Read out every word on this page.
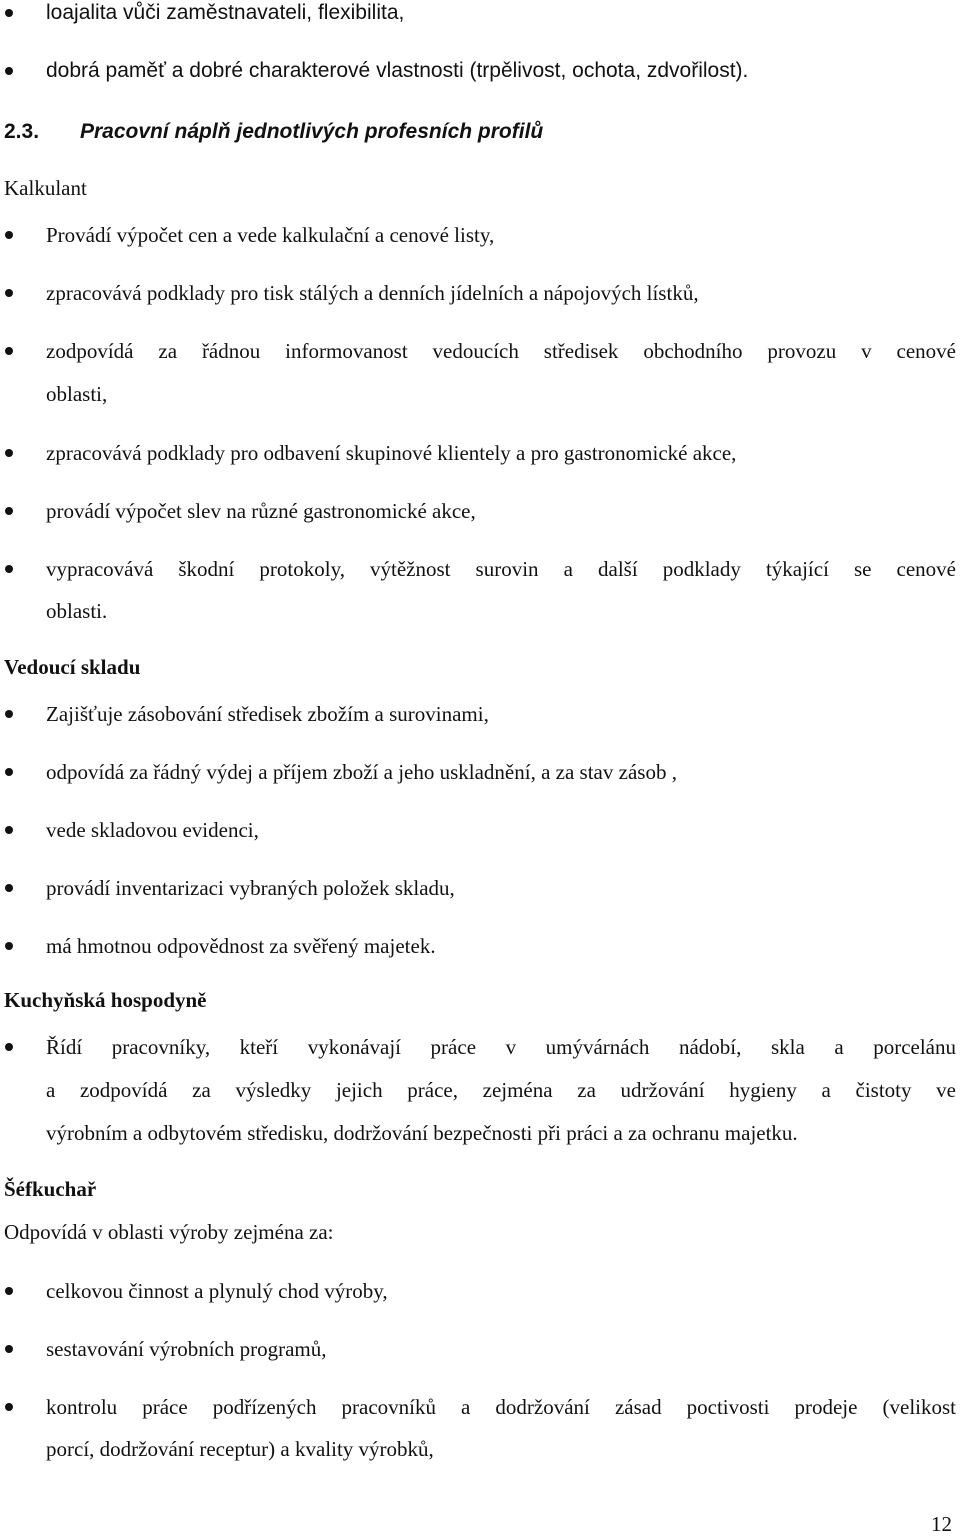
loajalita vůči zaměstnavateli, flexibilita,
dobrá paměť a dobré charakterové vlastnosti (trpělivost, ochota, zdvořilost).
2.3. Pracovní náplň jednotlivých profesních profilů
Kalkulant
Provádí výpočet cen a vede kalkulační a cenové listy,
zpracovává podklady pro tisk stálých a denních jídelních a nápojových lístků,
zodpovídá za řádnou informovanost vedoucích středisek obchodního provozu v cenové
oblasti,
zpracovává podklady pro odbavení skupinové klientely a pro gastronomické akce,
provádí výpočet slev na různé gastronomické akce,
vypracovává škodní protokoly, výtěžnost surovin a další podklady týkající se cenové
oblasti.
Vedoucí skladu
Zajišťuje zásobování středisek zbožím a surovinami,
odpovídá za řádný výdej a příjem zboží a jeho uskladnění, a za stav zásob ,
vede skladovou evidenci,
provádí inventarizaci vybraných položek skladu,
má hmotnou odpovědnost za svěřený majetek.
Kuchyňská hospodyně
Řídí pracovníky, kteří vykonávají práce v umývárnách nádobí, skla a porcelánu
a zodpovídá za výsledky jejich práce, zejména za udržování hygieny a čistoty ve
výrobním a odbytovém středisku, dodržování bezpečnosti při práci a za ochranu majetku.
Šéfkuchař
Odpovídá v oblasti výroby zejména za:
celkovou činnost a plynulý chod výroby,
sestavování výrobních programů,
kontrolu práce podřízených pracovníků a dodržování zásad poctivosti prodeje (velikost
porcí, dodržování receptur) a kvality výrobků,
12
